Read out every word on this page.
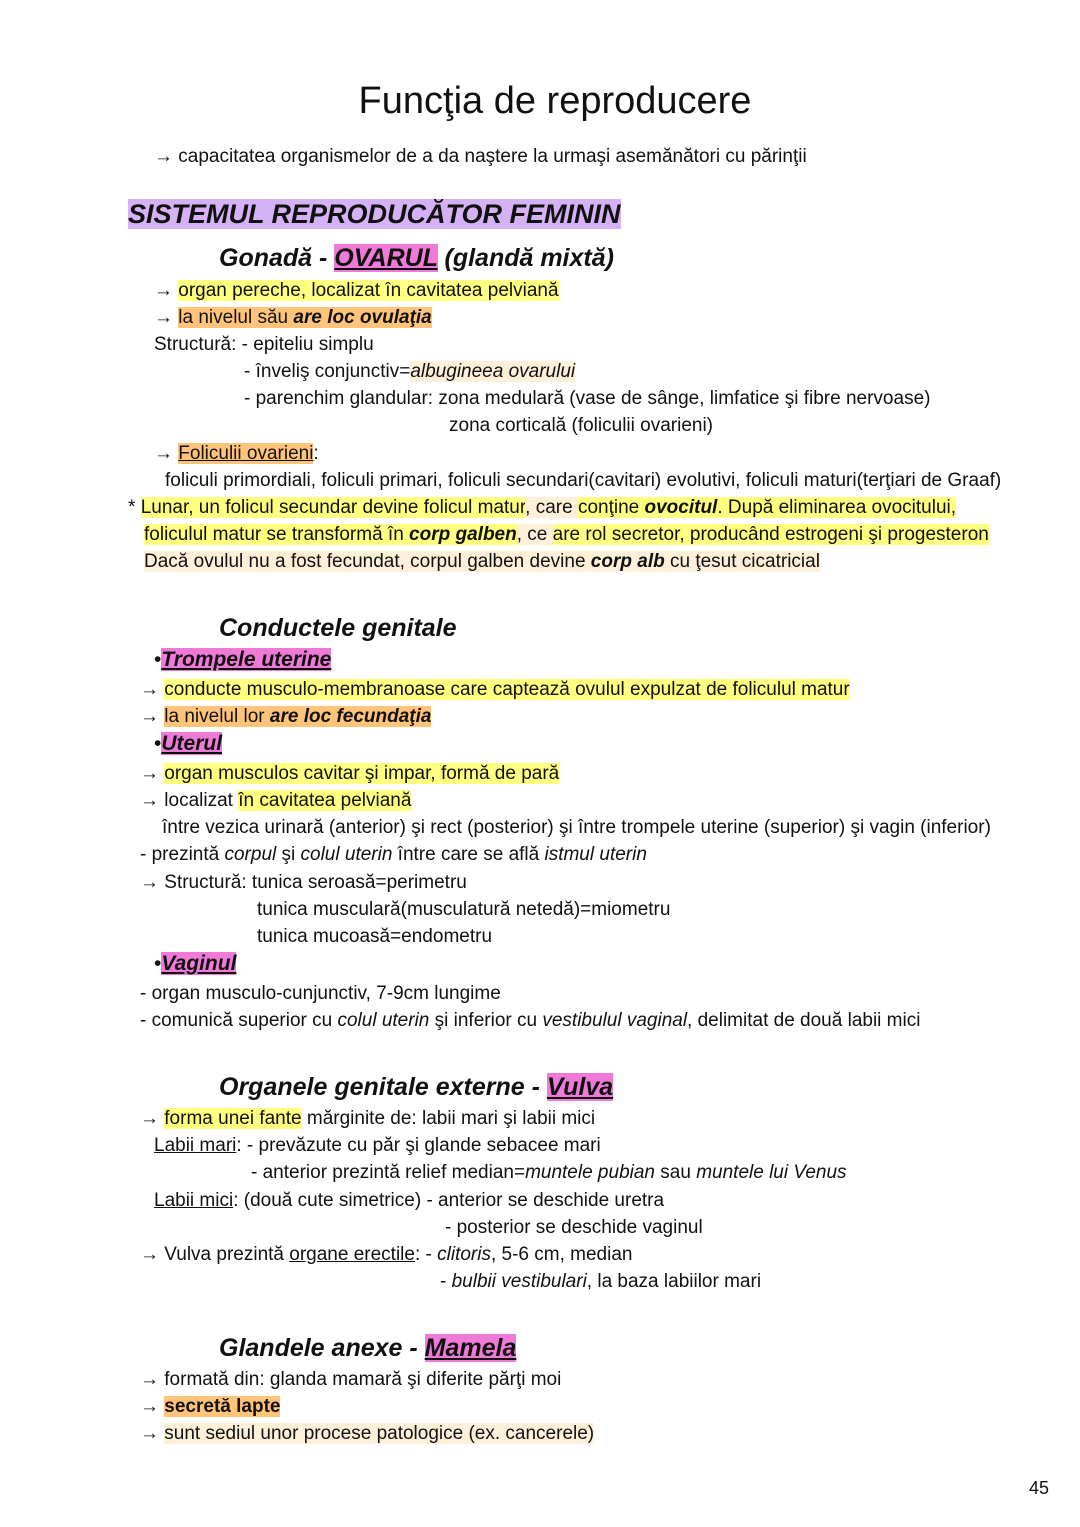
Funcţia de reproducere
→ capacitatea organismelor de a da naştere la urmaşi asemănători cu părinţii
SISTEMUL REPRODUCĂTOR FEMININ
Gonadă - OVARUL (glandă mixtă)
→ organ pereche, localizat în cavitatea pelviană
→ la nivelul său are loc ovulaţia
Structură: - epiteliu simplu
- înveliş conjunctiv=albugineea ovarului
- parenchim glandular: zona medulară (vase de sânge, limfatice şi fibre nervoase)
zona corticală (foliculii ovarieni)
→ Foliculii ovarieni:
foliculi primordiali, foliculi primari, foliculi secundari(cavitari) evolutivi, foliculi maturi(terţiari de Graaf)
* Lunar, un folicul secundar devine folicul matur, care conţine ovocitul. După eliminarea ovocitului,
foliculul matur se transformă în corp galben, ce are rol secretor, producând estrogeni şi progesteron
Dacă ovulul nu a fost fecundat, corpul galben devine corp alb cu ţesut cicatricial
Conductele genitale
•Trompele uterine
→ conducte musculo-membranoase care captează ovulul expulzat de foliculul matur
→ la nivelul lor are loc fecundaţia
•Uterul
→ organ musculos cavitar şi impar, formă de pară
→ localizat în cavitatea pelviană
între vezica urinară (anterior) şi rect (posterior) şi între trompele uterine (superior) şi vagin (inferior)
- prezintă corpul şi colul uterin între care se află istmul uterin
→ Structură: tunica seroasă=perimetru
tunica musculară(musculatură netedă)=miometru
tunica mucoasă=endometru
•Vaginul
- organ musculo-cunjunctiv, 7-9cm lungime
- comunică superior cu colul uterin şi inferior cu vestibulul vaginal, delimitat de două labii mici
Organele genitale externe - Vulva
→ forma unei fante mărginite de: labii mari şi labii mici
Labii mari: - prevăzute cu păr şi glande sebacee mari
- anterior prezintă relief median=muntele pubian sau muntele lui Venus
Labii mici: (două cute simetrice) - anterior se deschide uretra
- posterior se deschide vaginul
→ Vulva prezintă organe erectile: - clitoris, 5-6 cm, median
- bulbii vestibulari, la baza labiilor mari
Glandele anexe - Mamela
→ formată din: glanda mamară şi diferite părţi moi
→ secretă lapte
→ sunt sediul unor procese patologice (ex. cancerele)
45
